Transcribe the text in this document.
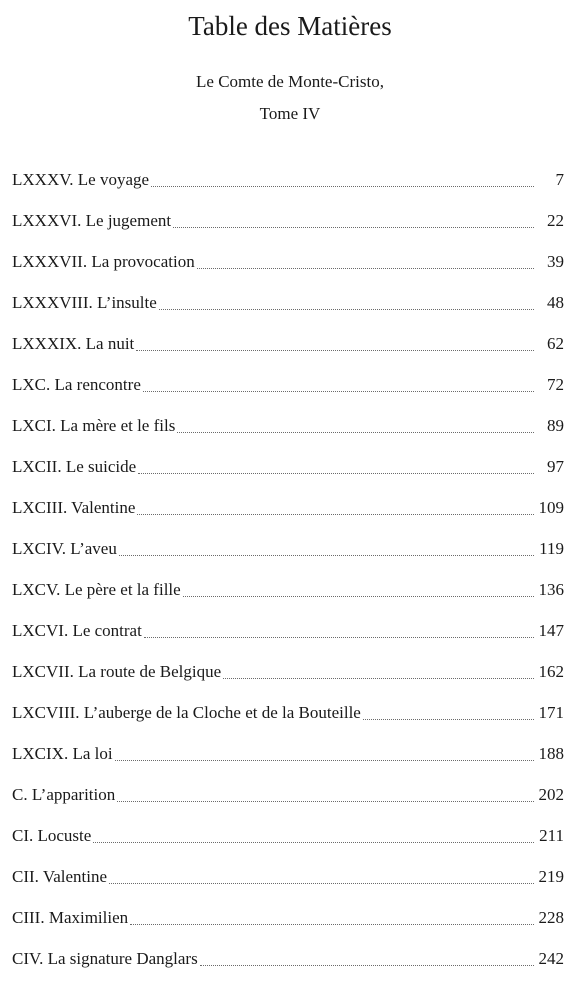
Table des Matières

Le Comte de Monte-Cristo,

Tome IV

LXXXV. Le voyage	7
LXXXVI. Le jugement	22
LXXXVII. La provocation	39
LXXXVIII. L’insulte	48
LXXXIX. La nuit	62
LXC. La rencontre	72
LXCI. La mère et le fils	89
LXCII. Le suicide	97
LXCIII. Valentine	109
LXCIV. L’aveu	119
LXCV. Le père et la fille	136
LXCVI. Le contrat	147
LXCVII. La route de Belgique	162
LXCVIII. L’auberge de la Cloche et de la Bouteille	171
LXCIX. La loi	188
C. L’apparition	202
CI. Locuste	211
CII. Valentine	219
CIII. Maximilien	228
CIV. La signature Danglars	242
